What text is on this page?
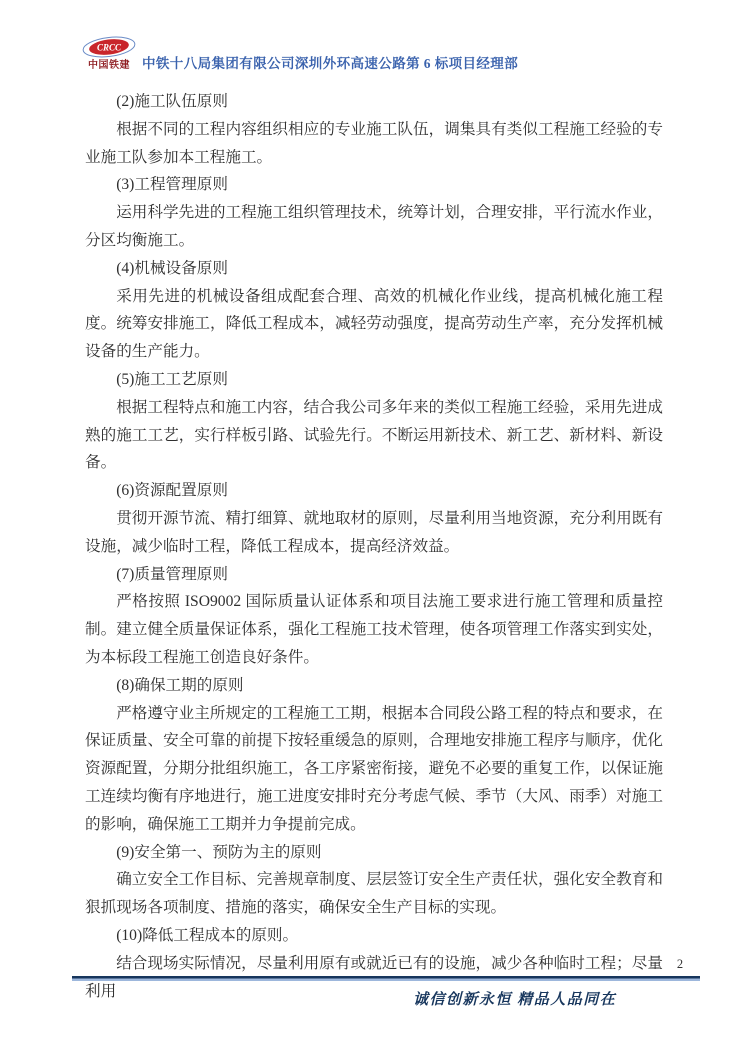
CRCC
中国铁建 中铁十八局集团有限公司深圳外环高速公路第 6 标项目经理部

(2)施工队伍原则

根据不同的工程内容组织相应的专业施工队伍，调集具有类似工程施工经验的专业施工队参加本工程施工。

(3)工程管理原则

运用科学先进的工程施工组织管理技术，统筹计划，合理安排，平行流水作业，分区均衡施工。

(4)机械设备原则

采用先进的机械设备组成配套合理、高效的机械化作业线，提高机械化施工程度。统筹安排施工，降低工程成本，减轻劳动强度，提高劳动生产率，充分发挥机械设备的生产能力。

(5)施工工艺原则

根据工程特点和施工内容，结合我公司多年来的类似工程施工经验，采用先进成熟的施工工艺，实行样板引路、试验先行。不断运用新技术、新工艺、新材料、新设备。

(6)资源配置原则

贯彻开源节流、精打细算、就地取材的原则，尽量利用当地资源，充分利用既有设施，减少临时工程，降低工程成本，提高经济效益。

(7)质量管理原则

严格按照 ISO9002 国际质量认证体系和项目法施工要求进行施工管理和质量控制。建立健全质量保证体系，强化工程施工技术管理，使各项管理工作落实到实处，为本标段工程施工创造良好条件。

(8)确保工期的原则

严格遵守业主所规定的工程施工工期，根据本合同段公路工程的特点和要求，在保证质量、安全可靠的前提下按轻重缓急的原则，合理地安排施工程序与顺序，优化资源配置，分期分批组织施工，各工序紧密衔接，避免不必要的重复工作，以保证施工连续均衡有序地进行，施工进度安排时充分考虑气候、季节（大风、雨季）对施工的影响，确保施工工期并力争提前完成。

(9)安全第一、预防为主的原则

确立安全工作目标、完善规章制度、层层签订安全生产责任状，强化安全教育和狠抓现场各项制度、措施的落实，确保安全生产目标的实现。

(10)降低工程成本的原则。

结合现场实际情况，尽量利用原有或就近已有的设施，减少各种临时工程；尽量利用

2
诚信创新永恒 精品人品同在
